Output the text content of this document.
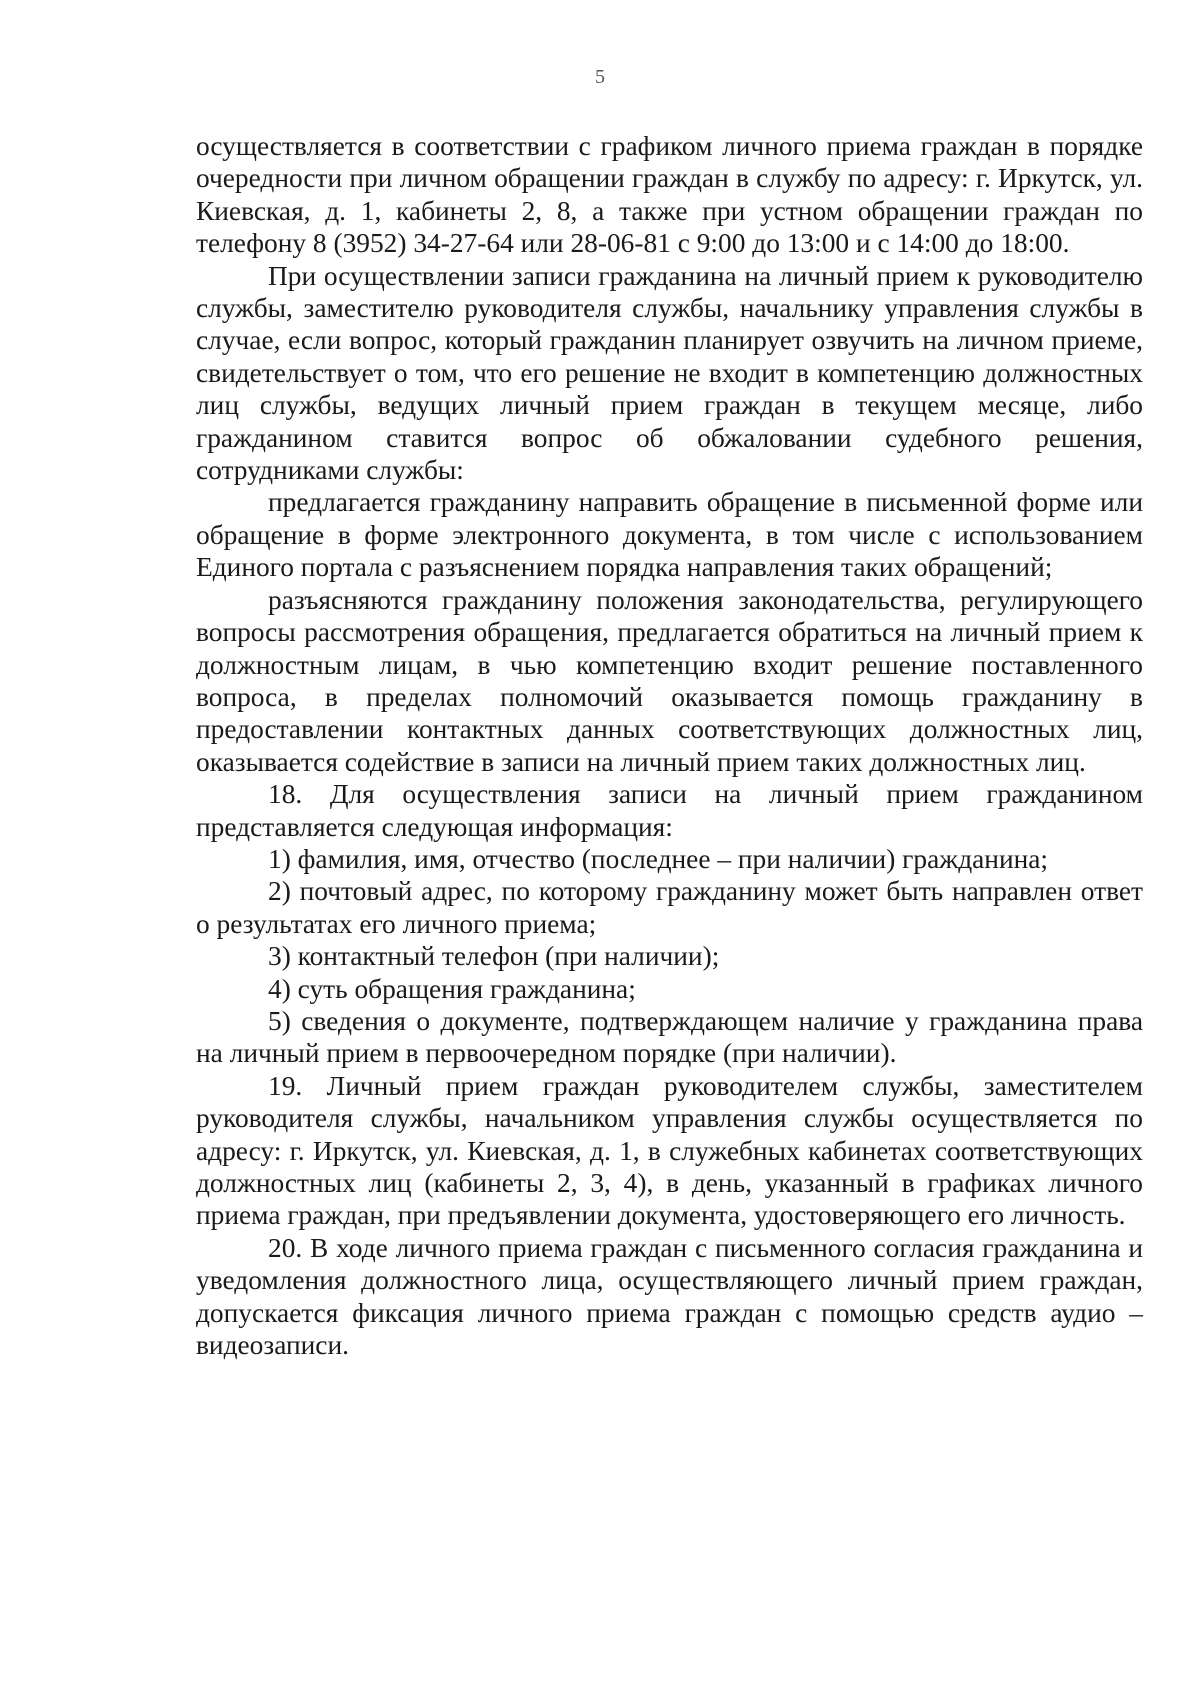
5

осуществляется в соответствии с графиком личного приема граждан в порядке очередности при личном обращении граждан в службу по адресу: г. Иркутск, ул. Киевская, д. 1, кабинеты 2, 8, а также при устном обращении граждан по телефону 8 (3952) 34-27-64 или 28-06-81 с 9:00 до 13:00 и с 14:00 до 18:00.

При осуществлении записи гражданина на личный прием к руководителю службы, заместителю руководителя службы, начальнику управления службы в случае, если вопрос, который гражданин планирует озвучить на личном приеме, свидетельствует о том, что его решение не входит в компетенцию должностных лиц службы, ведущих личный прием граждан в текущем месяце, либо гражданином ставится вопрос об обжаловании судебного решения, сотрудниками службы:

предлагается гражданину направить обращение в письменной форме или обращение в форме электронного документа, в том числе с использованием Единого портала с разъяснением порядка направления таких обращений;

разъясняются гражданину положения законодательства, регулирующего вопросы рассмотрения обращения, предлагается обратиться на личный прием к должностным лицам, в чью компетенцию входит решение поставленного вопроса, в пределах полномочий оказывается помощь гражданину в предоставлении контактных данных соответствующих должностных лиц, оказывается содействие в записи на личный прием таких должностных лиц.

18. Для осуществления записи на личный прием гражданином представляется следующая информация:

1) фамилия, имя, отчество (последнее – при наличии) гражданина;

2) почтовый адрес, по которому гражданину может быть направлен ответ о результатах его личного приема;

3) контактный телефон (при наличии);

4) суть обращения гражданина;

5) сведения о документе, подтверждающем наличие у гражданина права на личный прием в первоочередном порядке (при наличии).

19. Личный прием граждан руководителем службы, заместителем руководителя службы, начальником управления службы осуществляется по адресу: г. Иркутск, ул. Киевская, д. 1, в служебных кабинетах соответствующих должностных лиц (кабинеты 2, 3, 4), в день, указанный в графиках личного приема граждан, при предъявлении документа, удостоверяющего его личность.

20. В ходе личного приема граждан с письменного согласия гражданина и уведомления должностного лица, осуществляющего личный прием граждан, допускается фиксация личного приема граждан с помощью средств аудио – видеозаписи.
